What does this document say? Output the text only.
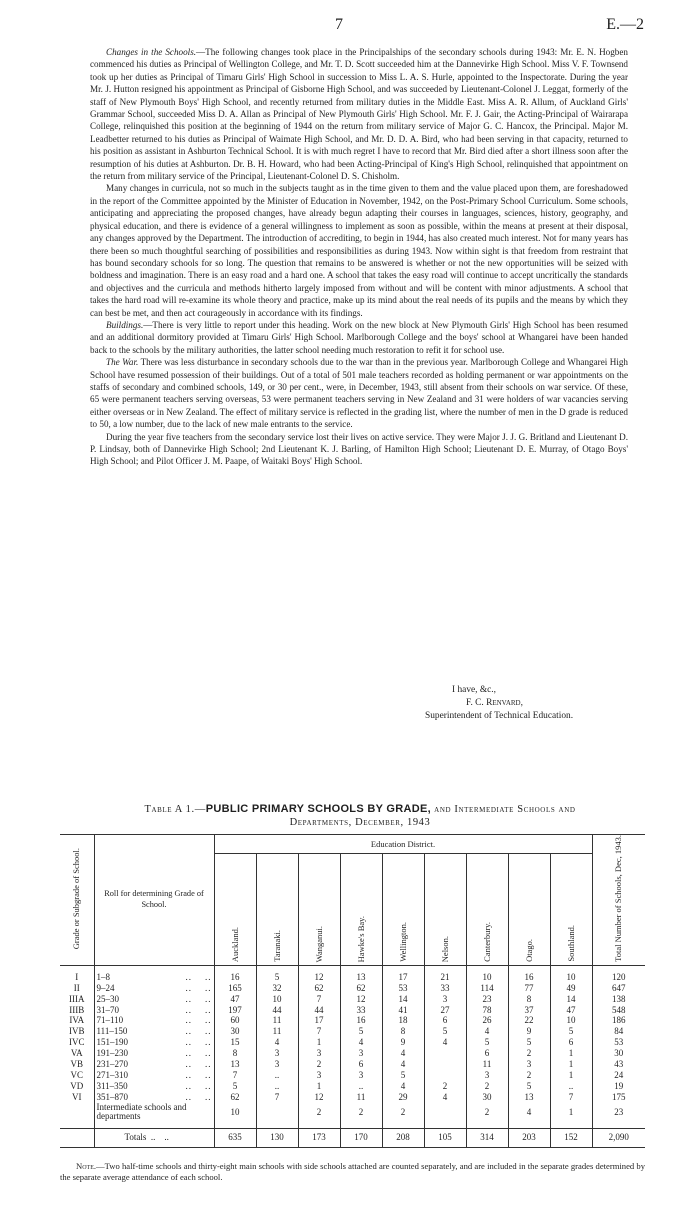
7	E.—2

Changes in the Schools.—The following changes took place in the Principalships of the secondary schools during 1943: Mr. E. N. Hogben commenced his duties as Principal of Wellington College, and Mr. T. D. Scott succeeded him at the Dannevirke High School. Miss V. F. Townsend took up her duties as Principal of Timaru Girls' High School in succession to Miss L. A. S. Hurle, appointed to the Inspectorate. During the year Mr. J. Hutton resigned his appointment as Principal of Gisborne High School, and was succeeded by Lieutenant-Colonel J. Leggat, formerly of the staff of New Plymouth Boys' High School, and recently returned from military duties in the Middle East. Miss A. R. Allum, of Auckland Girls' Grammar School, succeeded Miss D. A. Allan as Principal of New Plymouth Girls' High School. Mr. F. J. Gair, the Acting-Principal of Wairarapa College, relinquished this position at the beginning of 1944 on the return from military service of Major G. C. Hancox, the Principal. Major M. Leadbetter returned to his duties as Principal of Waimate High School, and Mr. D. D. A. Bird, who had been serving in that capacity, returned to his position as assistant in Ashburton Technical School. It is with much regret I have to record that Mr. Bird died after a short illness soon after the resumption of his duties at Ashburton. Dr. B. H. Howard, who had been Acting-Principal of King's High School, relinquished that appointment on the return from military service of the Principal, Lieutenant-Colonel D. S. Chisholm.

Many changes in curricula, not so much in the subjects taught as in the time given to them and the value placed upon them, are foreshadowed in the report of the Committee appointed by the Minister of Education in November, 1942, on the Post-Primary School Curriculum. Some schools, anticipating and appreciating the proposed changes, have already begun adapting their courses in languages, sciences, history, geography, and physical education, and there is evidence of a general willingness to implement as soon as possible, within the means at present at their disposal, any changes approved by the Department. The introduction of accrediting, to begin in 1944, has also created much interest. Not for many years has there been so much thoughtful searching of possibilities and responsibilities as during 1943. Now within sight is that freedom from restraint that has bound secondary schools for so long. The question that remains to be answered is whether or not the new opportunities will be seized with boldness and imagination. There is an easy road and a hard one. A school that takes the easy road will continue to accept uncritically the standards and objectives and the curricula and methods hitherto largely imposed from without and will be content with minor adjustments. A school that takes the hard road will re-examine its whole theory and practice, make up its mind about the real needs of its pupils and the means by which they can best be met, and then act courageously in accordance with its findings.

Buildings.—There is very little to report under this heading. Work on the new block at New Plymouth Girls' High School has been resumed and an additional dormitory provided at Timaru Girls' High School. Marlborough College and the boys' school at Whangarei have been handed back to the schools by the military authorities, the latter school needing much restoration to refit it for school use.

The War. There was less disturbance in secondary schools due to the war than in the previous year. Marlborough College and Whangarei High School have resumed possession of their buildings. Out of a total of 501 male teachers recorded as holding permanent or war appointments on the staffs of secondary and combined schools, 149, or 30 per cent., were, in December, 1943, still absent from their schools on war service. Of these, 65 were permanent teachers serving overseas, 53 were permanent teachers serving in New Zealand and 31 were holders of war vacancies serving either overseas or in New Zealand. The effect of military service is reflected in the grading list, where the number of men in the D grade is reduced to 50, a low number, due to the lack of new male entrants to the service.

During the year five teachers from the secondary service lost their lives on active service. They were Major J. J. G. Britland and Lieutenant D. P. Lindsay, both of Dannevirke High School; 2nd Lieutenant K. J. Barling, of Hamilton High School; Lieutenant D. E. Murray, of Otago Boys' High School; and Pilot Officer J. M. Paape, of Waitaki Boys' High School.

I have, &c.,
F. C. Renvard,
Superintendent of Technical Education.
Table A 1.—PUBLIC PRIMARY SCHOOLS BY GRADE, and Intermediate Schools and
Departments, December, 1943
Grade or Subgrade of School.	Roll for determining Grade of School.	Education District.									Total Number of Schools, Dec, 1943.
		Auckland.	Taranaki.	Wanganui.	Hawke's Bay.	Wellington.	Nelson.	Canterbury.	Otago.	Southland.	

I	1–8 .. ..	16	5	12	13	17	21	10	16	10	120
II	9–24 .. ..	165	32	62	62	53	33	114	77	49	647
IIIA	25–30 .. ..	47	10	7	12	14	3	23	8	14	138
IIIB	31–70 .. ..	197	44	44	33	41	27	78	37	47	548
IVA	71–110 .. ..	60	11	17	16	18	6	26	22	10	186
IVB	111–150 .. ..	30	11	7	5	8	5	4	9	5	84
IVC	151–190 .. ..	15	4	1	4	9	4	5	5	6	53
VA	191–230 .. ..	8	3	3	3	4		6	2	1	30
VB	231–270 .. ..	13	3	2	6	4		11	3	1	43
VC	271–310 .. ..	7	..	3	3	5		3	2	1	24
VD	311–350 .. ..	5	..	1	..	4	2	2	5	..	19
VI	351–870 .. ..	62	7	12	11	29	4	30	13	7	175
	Intermediate schools and departments	10		2	2	2		2	4	1	23

	Totals .. ..	635	130	173	170	208	105	314	203	152	2,090

Note.—Two half-time schools and thirty-eight main schools with side schools attached are counted separately, and are included in the separate grades determined by the separate average attendance of each school.
